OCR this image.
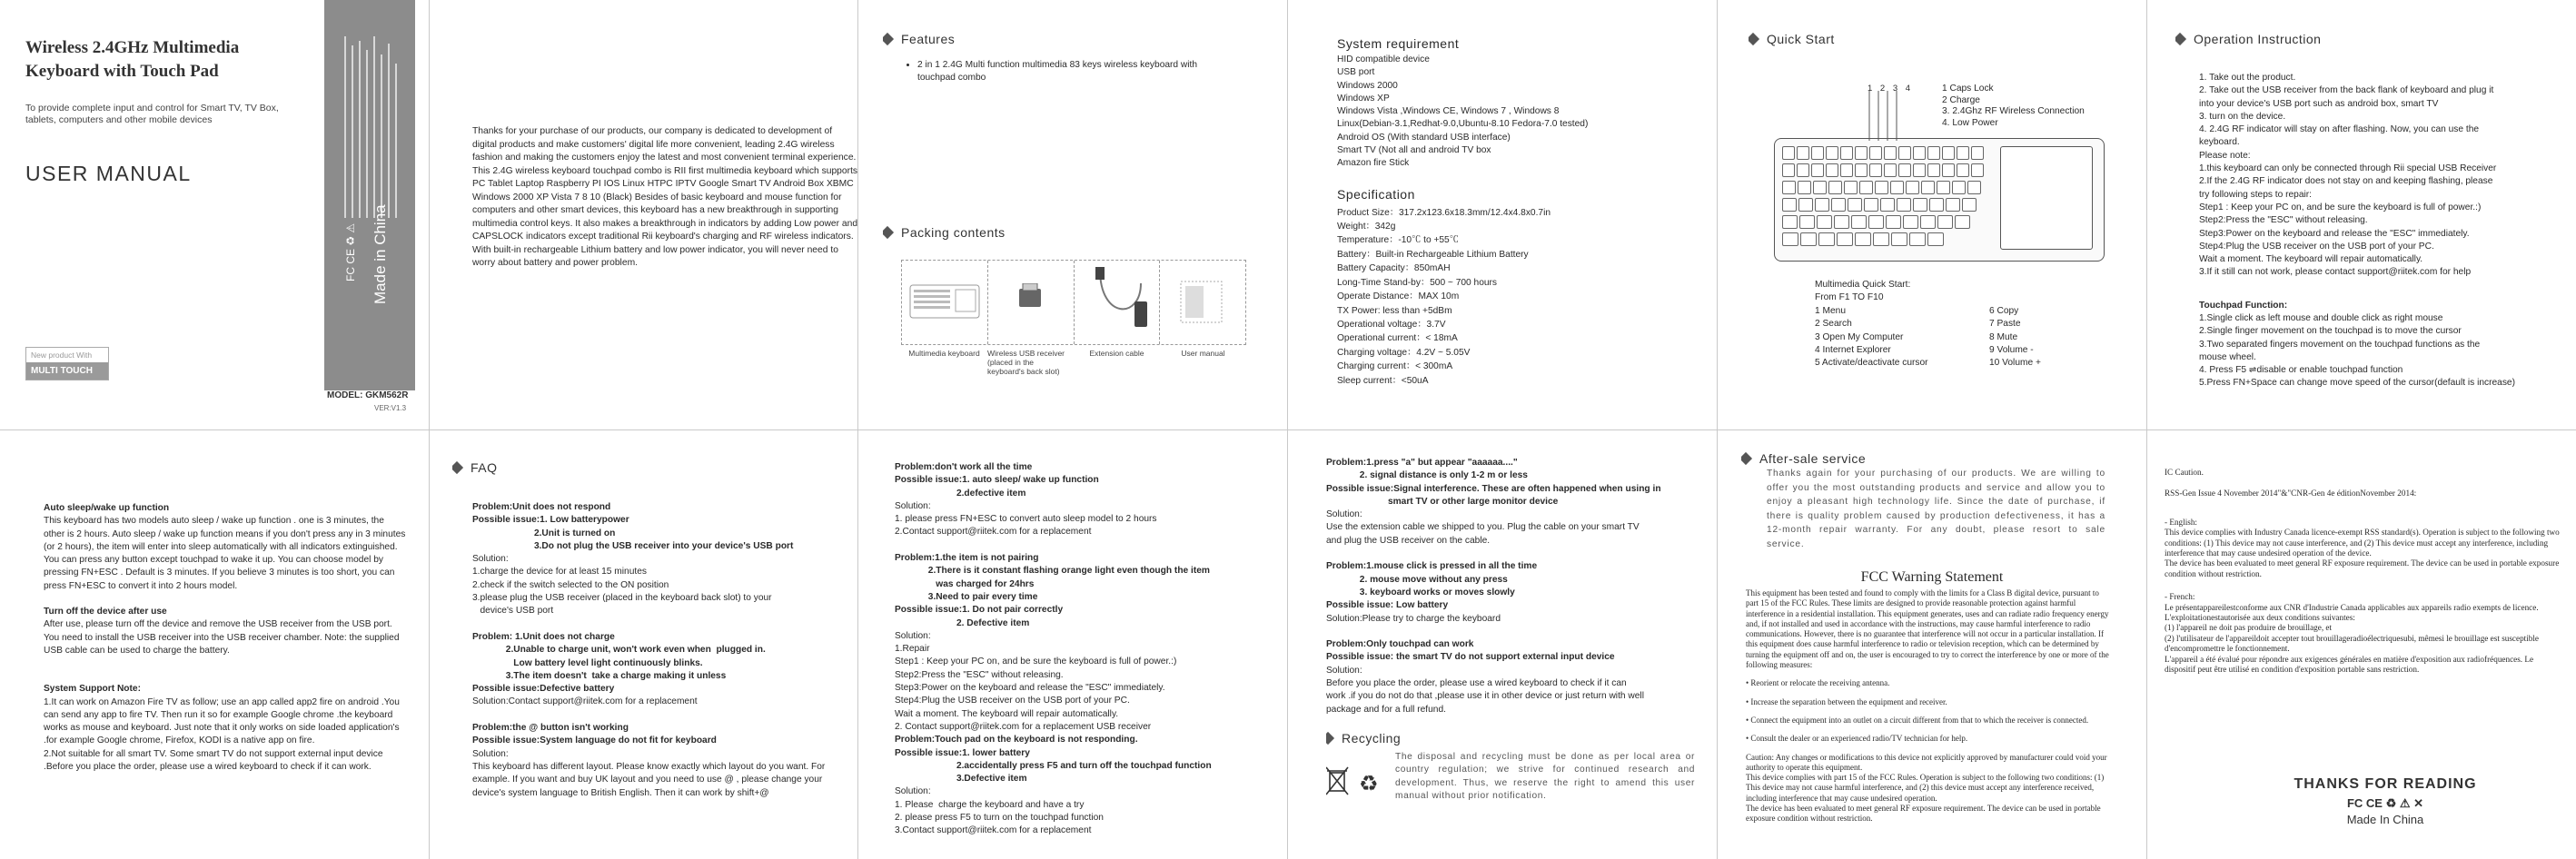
Wireless 2.4GHz Multimedia
Keyboard with Touch Pad
To provide complete input and control for Smart TV, TV Box,
tablets, computers and other mobile devices
USER MANUAL
New product With
MULTI TOUCH
Made in China
FC CE ♻ ⚠
MODEL: GKM562R
VER:V1.3

Thanks for your purchase of our products, our company is dedicated to development of digital products and make customers' digital life more convenient, leading 2.4G wireless fashion and making the customers enjoy the latest and most convenient terminal experience. This 2.4G wireless keyboard touchpad combo is RII first multimedia keyboard which supports PC Tablet Laptop Raspberry PI IOS Linux HTPC IPTV Google Smart TV Android Box XBMC Windows 2000 XP Vista 7 8 10 (Black) Besides of basic keyboard and mouse function for computers and other smart devices, this keyboard has a new breakthrough in supporting multimedia control keys. It also makes a breakthrough in indicators by adding Low power and CAPSLOCK indicators except traditional Rii keyboard's charging and RF wireless indicators. With built-in rechargeable Lithium battery and low power indicator, you will never need to worry about battery and power problem.

Features
• 2 in 1 2.4G Multi function multimedia 83 keys wireless keyboard with
touchpad combo
Packing contents
Multimedia keyboard Wireless USB receiver
(placed in the
keyboard's back slot)
Extension cable	User manual
System requirement

HID compatible device

USB port

Windows 2000

Windows XP

Windows Vista ,Windows CE, Windows 7 , Windows 8

Linux(Debian-3.1,Redhat-9.0,Ubuntu-8.10 Fedora-7.0 tested)

Android OS (With standard USB interface)

Smart TV (Not all and android TV box

Amazon fire Stick

Specification

Product Size：317.2x123.6x18.3mm/12.4x4.8x0.7in

Weight：342g

Temperature：-10℃ to +55℃

Battery：Built-in Rechargeable Lithium Battery

Battery Capacity：850mAH

Long-Time Stand-by：500 ~ 700 hours

Operate Distance：MAX 10m

TX Power: less than +5dBm

Operational voltage：3.7V

Operational current：< 18mA

Charging voltage：4.2V ~ 5.05V

Charging current：< 300mA

Sleep current：<50uA

Quick Start
1 2 3 4	1 Caps Lock

2 Charge

3. 2.4Ghz RF Wireless Connection

4. Low Power

Multimedia Quick Start:

From F1 TO F10

1 Menu

2 Search

3 Open My Computer

4 Internet Explorer

5 Activate/deactivate cursor

6 Copy

7 Paste

8 Mute

9 Volume -

10 Volume +

Operation Instruction

1. Take out the product.

2. Take out the USB receiver from the back flank of keyboard and plug it

into your device's USB port such as android box, smart TV

3. turn on the device.

4. 2.4G RF indicator will stay on after flashing. Now, you can use the

keyboard.

Please note:

1.this keyboard can only be connected through Rii special USB Receiver

2.If the 2.4G RF indicator does not stay on and keeping flashing, please

try following steps to repair:

Step1 : Keep your PC on, and be sure the keyboard is full of power.:)

Step2:Press the "ESC" without releasing.

Step3:Power on the keyboard and release the "ESC" immediately.

Step4:Plug the USB receiver on the USB port of your PC.

Wait a moment. The keyboard will repair automatically.

3.If it still can not work, please contact support@riitek.com for help

Touchpad Function:

1.Single click as left mouse and double click as right mouse

2.Single finger movement on the touchpad is to move the cursor

3.Two separated fingers movement on the touchpad functions as the

mouse wheel.

4. Press F5 ⇌disable or enable touchpad function

5.Press FN+Space can change move speed of the cursor(default is increase)

Auto sleep/wake up function

This keyboard has two models auto sleep / wake up function . one is 3 minutes, the other is 2 hours. Auto sleep / wake up function means if you don't press any in 3 minutes (or 2 hours), the item will enter into sleep automatically with all indicators extinguished. You can press any button except touchpad to wake it up. You can choose model by pressing FN+ESC . Default is 3 minutes. If you believe 3 minutes is too short, you can press FN+ESC to convert it into 2 hours model.

Turn off the device after use

After use, please turn off the device and remove the USB receiver from the USB port. You need to install the USB receiver into the USB receiver chamber. Note: the supplied USB cable can be used to charge the battery.

System Support Note:

1.It can work on Amazon Fire TV as follow; use an app called app2 fire on android .You can send any app to fire TV. Then run it so for example Google chrome .the keyboard works as mouse and keyboard. Just note that it only works on side loaded application's .for example Google chrome, Firefox, KODI is a native app on fire.

2.Not suitable for all smart TV. Some smart TV do not support external input device .Before you place the order, please use a wired keyboard to check if it can work.

FAQ

Problem:Unit does not respond

Possible issue:1. Low batterypower

2.Unit is turned on

3.Do not plug the USB receiver into your device's USB port

Solution:

1.charge the device for at least 15 minutes

2.check if the switch selected to the ON position

3.please plug the USB receiver (placed in the keyboard back slot) to your

device's USB port

Problem: 1.Unit does not charge

2.Unable to charge unit, won't work even when  plugged in.

Low battery level light continuously blinks.

3.The item doesn't  take a charge making it unless

Possible issue:Defective battery

Solution:Contact support@riitek.com for a replacement

Problem:the @ button isn't working

Possible issue:System language do not fit for keyboard

Solution:

This keyboard has different layout. Please know exactly which layout do you want. For example. If you want and buy UK layout and you need to use @ , please change your device's system language to British English. Then it can work by shift+@

Problem:don't work all the time

Possible issue:1. auto sleep/ wake up function

2.defective item

Solution:

1. please press FN+ESC to convert auto sleep model to 2 hours

2.Contact support@riitek.com for a replacement

Problem:1.the item is not pairing

2.There is it constant flashing orange light even though the item

was charged for 24hrs

3.Need to pair every time

Possible issue:1. Do not pair correctly

2. Defective item

Solution:

1.Repair

Step1 : Keep your PC on, and be sure the keyboard is full of power.:)

Step2:Press the "ESC" without releasing.

Step3:Power on the keyboard and release the "ESC" immediately.

Step4:Plug the USB receiver on the USB port of your PC.

Wait a moment. The keyboard will repair automatically.

2. Contact support@riitek.com for a replacement USB receiver

Problem:Touch pad on the keyboard is not responding.

Possible issue:1. lower battery

2.accidentally press F5 and turn off the touchpad function

3.Defective item

Solution:

1. Please  charge the keyboard and have a try

2. please press F5 to turn on the touchpad function

3.Contact support@riitek.com for a replacement

Problem:1.press "a" but appear "aaaaaa...."

2. signal distance is only 1-2 m or less

Possible issue:Signal interference. These are often happened when using in

smart TV or other large monitor device

Solution:

Use the extension cable we shipped to you. Plug the cable on your smart TV

and plug the USB receiver on the cable.

Problem:1.mouse click is pressed in all the time

2. mouse move without any press

3. keyboard works or moves slowly

Possible issue: Low battery

Solution:Please try to charge the keyboard

Problem:Only touchpad can work

Possible issue: the smart TV do not support external input device

Solution:

Before you place the order, please use a wired keyboard to check if it can

work .if you do not do that ,please use it in other device or just return with well

package and for a full refund.

Recycling
♻
The disposal and recycling must be done as per local area or country regulation; we strive for continued research and development. Thus, we reserve the right to amend this user manual without prior notification.
After-sale service
Thanks again for your purchasing of our products. We are willing to offer you the most outstanding products and service and allow you to enjoy a pleasant high technology life. Since the date of purchase, if there is quality problem caused by production defectiveness, it has a 12-month repair warranty. For any doubt, please resort to sale service.
FCC Warning Statement
This equipment has been tested and found to comply with the limits for a Class B digital device, pursuant to part 15 of the FCC Rules. These limits are designed to provide reasonable protection against harmful interference in a residential installation. This equipment generates, uses and can radiate radio frequency energy and, if not installed and used in accordance with the instructions, may cause harmful interference to radio communications. However, there is no guarantee that interference will not occur in a particular installation. If this equipment does cause harmful interference to radio or television reception, which can be determined by turning the equipment off and on, the user is encouraged to try to correct the interference by one or more of the following measures:

• Reorient or relocate the receiving antenna.

• Increase the separation between the equipment and receiver.

• Connect the equipment into an outlet on a circuit different from that to which the receiver is connected.

• Consult the dealer or an experienced radio/TV technician for help.

Caution: Any changes or modifications to this device not explicitly approved by manufacturer could void your authority to operate this equipment.
This device complies with part 15 of the FCC Rules. Operation is subject to the following two conditions: (1) This device may not cause harmful interference, and (2) this device must accept any interference received, including interference that may cause undesired operation.
The device has been evaluated to meet general RF exposure requirement. The device can be used in portable exposure condition without restriction.
IC Caution.
RSS-Gen Issue 4 November 2014"&"CNR-Gen 4e éditionNovember 2014:
- English:
This device complies with Industry Canada licence-exempt RSS standard(s). Operation is subject to the following two conditions: (1) This device may not cause interference, and (2) This device must accept any interference, including interference that may cause undesired operation of the device.
The device has been evaluated to meet general RF exposure requirement. The device can be used in portable exposure condition without restriction.
- French:
Le présentappareilestconforme aux CNR d'Industrie Canada applicables aux appareils radio exempts de licence. L'exploitationestautorisée aux deux conditions suivantes:
(1) l'appareil ne doit pas produire de brouillage, et
(2) l'utilisateur de l'appareildoit accepter tout brouillageradioélectriquesubi, mêmesi le brouillage est susceptible d'encompromettre le fonctionnement.
L'appareil a été évalué pour répondre aux exigences générales en matière d'exposition aux radiofréquences. Le dispositif peut être utilisé en condition d'exposition portable sans restriction.
THANKS FOR READING
FC CE ♻ ⚠ ✕
Made In China
